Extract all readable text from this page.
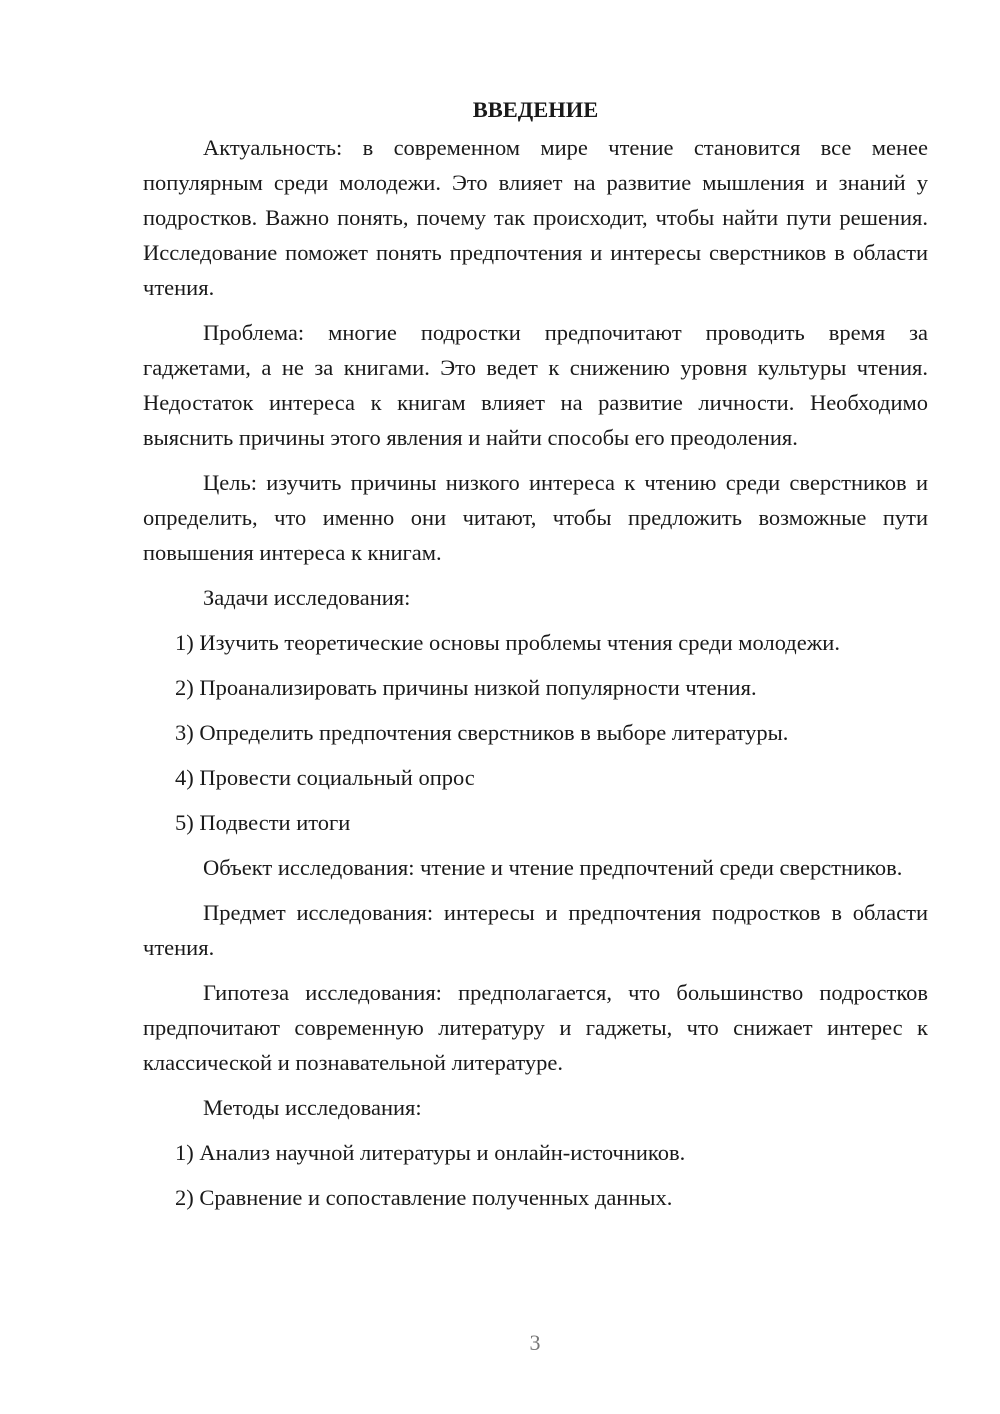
ВВЕДЕНИЕ

Актуальность: в современном мире чтение становится все менее популярным среди молодежи. Это влияет на развитие мышления и знаний у подростков. Важно понять, почему так происходит, чтобы найти пути решения. Исследование поможет понять предпочтения и интересы сверстников в области чтения.

Проблема: многие подростки предпочитают проводить время за гаджетами, а не за книгами. Это ведет к снижению уровня культуры чтения. Недостаток интереса к книгам влияет на развитие личности. Необходимо выяснить причины этого явления и найти способы его преодоления.

Цель: изучить причины низкого интереса к чтению среди сверстников и определить, что именно они читают, чтобы предложить возможные пути повышения интереса к книгам.

Задачи исследования:

1) Изучить теоретические основы проблемы чтения среди молодежи.

2) Проанализировать причины низкой популярности чтения.

3) Определить предпочтения сверстников в выборе литературы.

4) Провести социальный опрос

5) Подвести итоги

Объект исследования: чтение и чтение предпочтений среди сверстников.

Предмет исследования: интересы и предпочтения подростков в области чтения.

Гипотеза исследования: предполагается, что большинство подростков предпочитают современную литературу и гаджеты, что снижает интерес к классической и познавательной литературе.

Методы исследования:

1) Анализ научной литературы и онлайн-источников.

2) Сравнение и сопоставление полученных данных.

3
